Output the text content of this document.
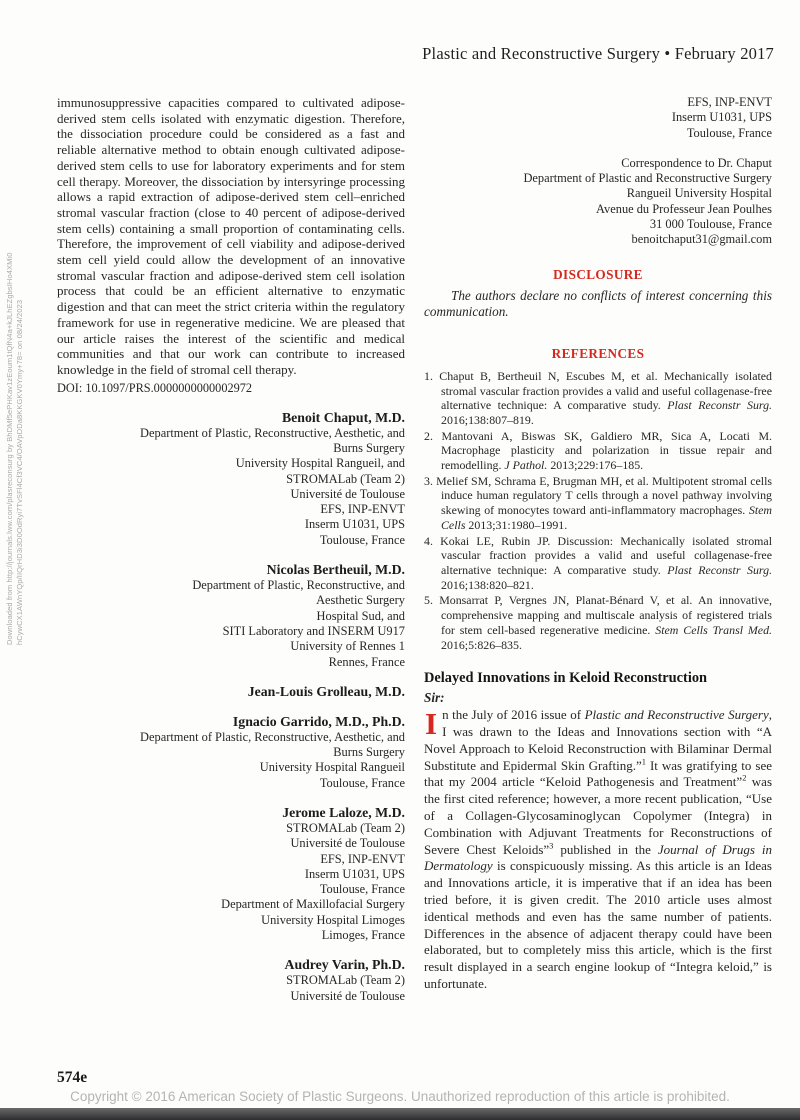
Plastic and Reconstructive Surgery • February 2017
Downloaded from http://journals.lww.com/plasreconsurg by BhDMf5ePHKav1zEoum1tQfN4a+kJLhEZgbsIHo4XMi0 hCywCX1AWnYQp/IIQrHD3i3D0OdRyi7TvSFl4Cf3VC4/OAVpDDa8KKGKV0Ymy+78= on 08/24/2023
immunosuppressive capacities compared to cultivated adipose-derived stem cells isolated with enzymatic digestion. Therefore, the dissociation procedure could be considered as a fast and reliable alternative method to obtain enough cultivated adipose-derived stem cells to use for laboratory experiments and for stem cell therapy. Moreover, the dissociation by intersyringe processing allows a rapid extraction of adipose-derived stem cell–enriched stromal vascular fraction (close to 40 percent of adipose-derived stem cells) containing a small proportion of contaminating cells. Therefore, the improvement of cell viability and adipose-derived stem cell yield could allow the development of an innovative stromal vascular fraction and adipose-derived stem cell isolation process that could be an efficient alternative to enzymatic digestion and that can meet the strict criteria within the regulatory framework for use in regenerative medicine. We are pleased that our article raises the interest of the scientific and medical communities and that our work can contribute to increased knowledge in the field of stromal cell therapy.
DOI: 10.1097/PRS.0000000000002972
Benoit Chaput, M.D.
Department of Plastic, Reconstructive, Aesthetic, and
Burns Surgery
University Hospital Rangueil, and
STROMALab (Team 2)
Université de Toulouse
EFS, INP-ENVT
Inserm U1031, UPS
Toulouse, France
Nicolas Bertheuil, M.D.
Department of Plastic, Reconstructive, and
Aesthetic Surgery
Hospital Sud, and
SITI Laboratory and INSERM U917
University of Rennes 1
Rennes, France
Jean-Louis Grolleau, M.D.
Ignacio Garrido, M.D., Ph.D.
Department of Plastic, Reconstructive, Aesthetic, and
Burns Surgery
University Hospital Rangueil
Toulouse, France
Jerome Laloze, M.D.
STROMALab (Team 2)
Université de Toulouse
EFS, INP-ENVT
Inserm U1031, UPS
Toulouse, France
Department of Maxillofacial Surgery
University Hospital Limoges
Limoges, France
Audrey Varin, Ph.D.
STROMALab (Team 2)
Université de Toulouse
EFS, INP-ENVT
Inserm U1031, UPS
Toulouse, France
Correspondence to Dr. Chaput
Department of Plastic and Reconstructive Surgery
Rangueil University Hospital
Avenue du Professeur Jean Poulhes
31 000 Toulouse, France
benoitchaput31@gmail.com
DISCLOSURE
The authors declare no conflicts of interest concerning this communication.
REFERENCES
1. Chaput B, Bertheuil N, Escubes M, et al. Mechanically isolated stromal vascular fraction provides a valid and useful collagenase-free alternative technique: A comparative study. Plast Reconstr Surg. 2016;138:807–819.
2. Mantovani A, Biswas SK, Galdiero MR, Sica A, Locati M. Macrophage plasticity and polarization in tissue repair and remodelling. J Pathol. 2013;229:176–185.
3. Melief SM, Schrama E, Brugman MH, et al. Multipotent stromal cells induce human regulatory T cells through a novel pathway involving skewing of monocytes toward anti-inflammatory macrophages. Stem Cells 2013;31:1980–1991.
4. Kokai LE, Rubin JP. Discussion: Mechanically isolated stromal vascular fraction provides a valid and useful collagenase-free alternative technique: A comparative study. Plast Reconstr Surg. 2016;138:820–821.
5. Monsarrat P, Vergnes JN, Planat-Bénard V, et al. An innovative, comprehensive mapping and multiscale analysis of registered trials for stem cell-based regenerative medicine. Stem Cells Transl Med. 2016;5:826–835.
Delayed Innovations in Keloid Reconstruction
Sir:
In the July of 2016 issue of Plastic and Reconstructive Surgery, I was drawn to the Ideas and Innovations section with “A Novel Approach to Keloid Reconstruction with Bilaminar Dermal Substitute and Epidermal Skin Grafting.”$^1$ It was gratifying to see that my 2004 article “Keloid Pathogenesis and Treatment”$^2$ was the first cited reference; however, a more recent publication, “Use of a Collagen-Glycosaminoglycan Copolymer (Integra) in Combination with Adjuvant Treatments for Reconstructions of Severe Chest Keloids”$^3$ published in the Journal of Drugs in Dermatology is conspicuously missing. As this article is an Ideas and Innovations article, it is imperative that if an idea has been tried before, it is given credit. The 2010 article uses almost identical methods and even has the same number of patients. Differences in the absence of adjacent therapy could have been elaborated, but to completely miss this article, which is the first result displayed in a search engine lookup of “Integra keloid,” is unfortunate.
574e
Copyright © 2016 American Society of Plastic Surgeons. Unauthorized reproduction of this article is prohibited.
